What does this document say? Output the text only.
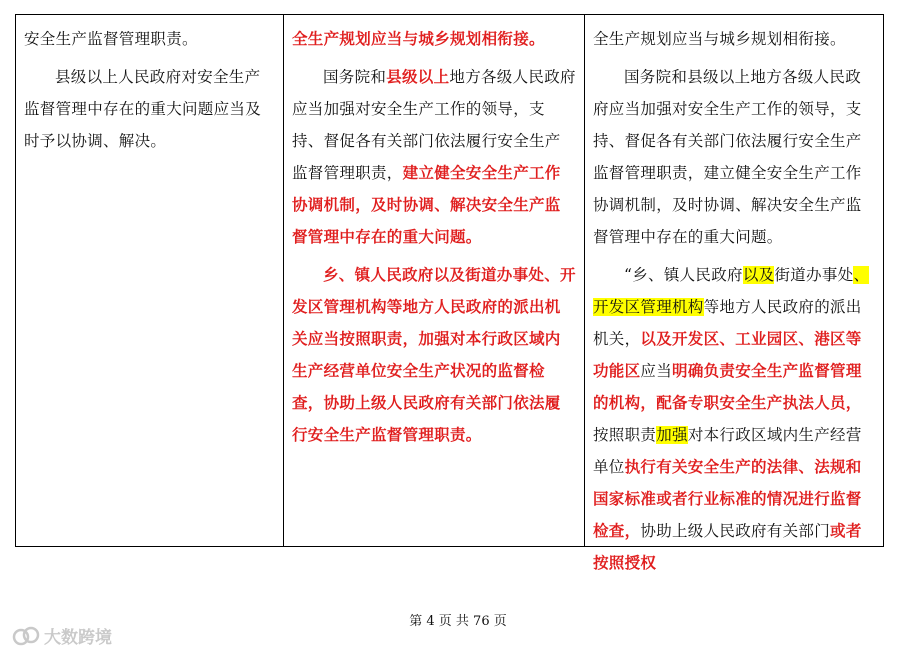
安全生产监督管理职责。

县级以上人民政府对安全生产监督管理中存在的重大问题应当及时予以协调、解决。

全生产规划应当与城乡规划相衔接。

国务院和县级以上地方各级人民政府应当加强对安全生产工作的领导，支持、督促各有关部门依法履行安全生产监督管理职责，建立健全安全生产工作协调机制，及时协调、解决安全生产监督管理中存在的重大问题。

乡、镇人民政府以及街道办事处、开发区管理机构等地方人民政府的派出机关应当按照职责，加强对本行政区域内生产经营单位安全生产状况的监督检查，协助上级人民政府有关部门依法履行安全生产监督管理职责。

全生产规划应当与城乡规划相衔接。

国务院和县级以上地方各级人民政府应当加强对安全生产工作的领导，支持、督促各有关部门依法履行安全生产监督管理职责，建立健全安全生产工作协调机制，及时协调、解决安全生产监督管理中存在的重大问题。

“乡、镇人民政府以及街道办事处、开发区管理机构等地方人民政府的派出机关，以及开发区、工业园区、港区等功能区应当明确负责安全生产监督管理的机构，配备专职安全生产执法人员，按照职责加强对本行政区域内生产经营单位执行有关安全生产的法律、法规和国家标准或者行业标准的情况进行监督检查，协助上级人民政府有关部门或者按照授权

第 4 页 共 76 页
大数跨境
